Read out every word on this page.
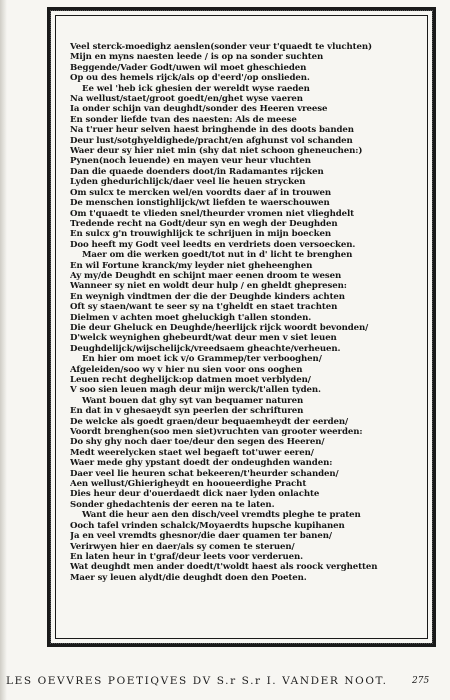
Veel sterck-moedighz aenslen(sonder veur t'quaedt te vluchten)
Mijn en myns naesten leede / is op na sonder suchten
Beggende/Vader Godt/uwen wil moet gheschieden
Op ou des hemels rijck/als op d'eerd'/op onslieden.
Ee wel 'heb ick ghesien der wereldt wyse raeden
Na wellust/staet/groot goedt/en/ghet wyse vaeren
Ia onder schijn van deughdt/sonder des Heeren vreese
En sonder liefde tvan des naesten: Als de meese
Na t'ruer heur selven haest bringhende in des doots banden
Deur lust/sotghyeldighede/pracht/en afghunst vol schanden
Waer deur sy hier niet min (shy dat niet schoon gheneuchen:)
Pynen(noch leuende) en mayen veur heur vluchten
Dan die quaede doenders doot/in Radamantes rijcken
Lyden ghedurichlijck/daer veel lie heuen strycken
Om sulcx te mercken wel/en voordts daer af in trouwen
De menschen ionstighlijck/wt liefden te waerschouwen
Om t'quaedt te vlieden snel/theurder vromen niet vlieghdelt
Tredende recht na Godt/deur syn en wegh der Deughden
En sulcx g'n trouwighlijck te schrijuen in mijn boecken
Doo heeft my Godt veel leedts en verdriets doen versoecken.
Maer om die werken goedt/tot nut in d' licht te brenghen
En wil Fortune kranck/my leyder niet gheheenghen
Ay my/de Deughdt en schijnt maer eenen droom te wesen
Wanneer sy niet en woldt deur hulp / en gheldt ghepresen:
En weynigh vindtmen der die der Deughde kinders achten
Oft sy staen/want te seer sy na t'gheldt en staet trachten
Dielmen v achten moet gheluckigh t'allen stonden.
Die deur Gheluck en Deughde/heerlijck rijck woordt bevonden/
D'welck weynighen ghebeurdt/wat deur men v siet leuen
Deughdelijck/wijschelijck/vreedsaem gheachte/verheuen.
En hier om moet ick v/o Grammep/ter verbooghen/
Afgeleiden/soo wy v hier nu sien voor ons ooghen
Leuen recht deghelijck:op datmen moet verblyden/
V soo sien leuen magh deur mijn werck/t'allen tyden.
Want bouen dat ghy syt van bequamer naturen
En dat in v ghesaeydt syn peerlen der schrifturen
De welcke als goedt graen/deur bequaemheydt der eerden/
Voordt brenghen(soo men siet)vruchten van grooter weerden:
Do shy ghy noch daer toe/deur den segen des Heeren/
Medt weerelycken staet wel begaeft tot'uwer eeren/
Waer mede ghy ypstant doedt der ondeughden wanden:
Daer veel lie heuren schat bekeeren/t'heurder schanden/
Aen wellust/Ghierigheydt en hooueerdighe Pracht
Dies heur deur d'ouerdaedt dick naer lyden onlachte
Sonder ghedachtenis der eeren na te laten.
Want die heur aen den disch/veel vremdts pleghe te praten
Ooch tafel vrinden schalck/Moyaerdts hupsche kupihanen
Ja en veel vremdts ghesnor/die daer quamen ter banen/
Verirwyen hier en daer/als sy comen te steruen/
En laten heur in t'graf/deur leets voor verderuen.
Wat deughdt men ander doedt/t'woldt haest als roock verghetten
Maer sy leuen alydt/die deughdt doen den Poeten.
LES OEVVRES POETIQVES DV S.r S.r I. VANDER NOOT.	275
